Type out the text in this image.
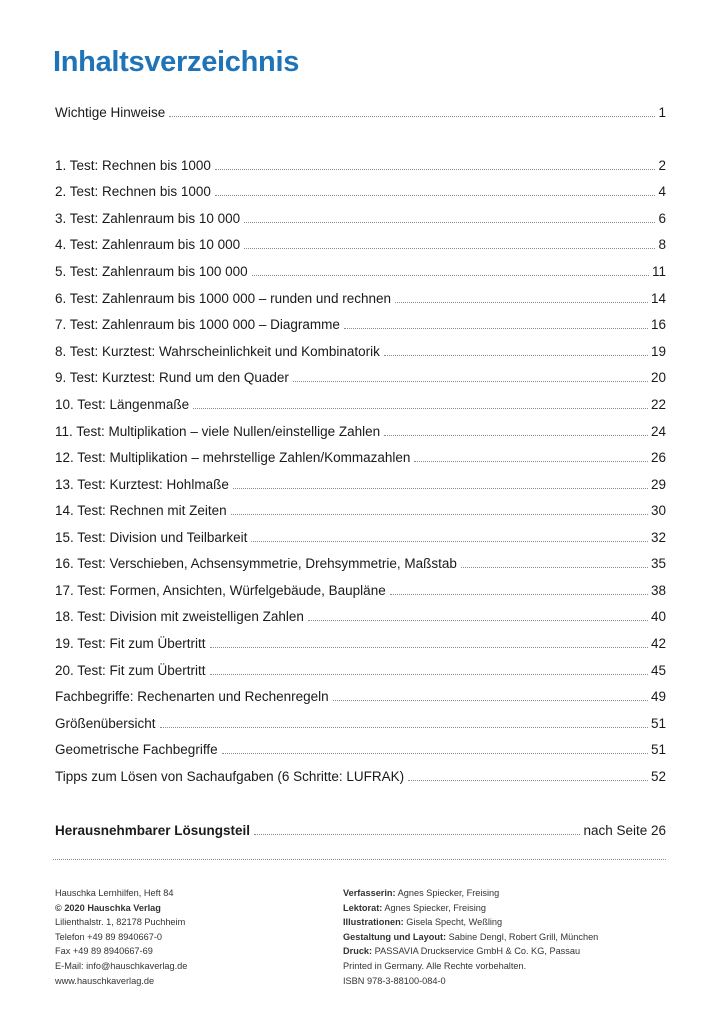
Inhaltsverzeichnis
Wichtige Hinweise	1
1. Test: Rechnen bis 1000	2
2. Test: Rechnen bis 1000	4
3. Test: Zahlenraum bis 10 000	6
4. Test: Zahlenraum bis 10 000	8
5. Test: Zahlenraum bis 100 000	11
6. Test: Zahlenraum bis 1000 000 – runden und rechnen	14
7. Test: Zahlenraum bis 1000 000 – Diagramme	16
8. Test: Kurztest: Wahrscheinlichkeit und Kombinatorik	19
9. Test: Kurztest: Rund um den Quader	20
10. Test: Längenmaße	22
11. Test: Multiplikation – viele Nullen/einstellige Zahlen	24
12. Test: Multiplikation – mehrstellige Zahlen/Kommazahlen	26
13. Test: Kurztest: Hohlmaße	29
14. Test: Rechnen mit Zeiten	30
15. Test: Division und Teilbarkeit	32
16. Test: Verschieben, Achsensymmetrie, Drehsymmetrie, Maßstab	35
17. Test: Formen, Ansichten, Würfelgebäude, Baupläne	38
18. Test: Division mit zweistelligen Zahlen	40
19. Test: Fit zum Übertritt	42
20. Test: Fit zum Übertritt	45
Fachbegriffe: Rechenarten und Rechenregeln	49
Größenübersicht	51
Geometrische Fachbegriffe	51
Tipps zum Lösen von Sachaufgaben (6 Schritte: LUFRAK)	52
Herausnehmbarer Lösungsteil	nach Seite 26
Hauschka Lernhilfen, Heft 84
© 2020 Hauschka Verlag
Lilienthalstr. 1, 82178 Puchheim
Telefon +49 89 8940667-0
Fax +49 89 8940667-69
E-Mail: info@hauschkaverlag.de
www.hauschkaverlag.de
Verfasserin: Agnes Spiecker, Freising
Lektorat: Agnes Spiecker, Freising
Illustrationen: Gisela Specht, Weßling
Gestaltung und Layout: Sabine Dengl, Robert Grill, München
Druck: PASSAVIA Druckservice GmbH & Co. KG, Passau
Printed in Germany. Alle Rechte vorbehalten.
ISBN 978-3-88100-084-0
